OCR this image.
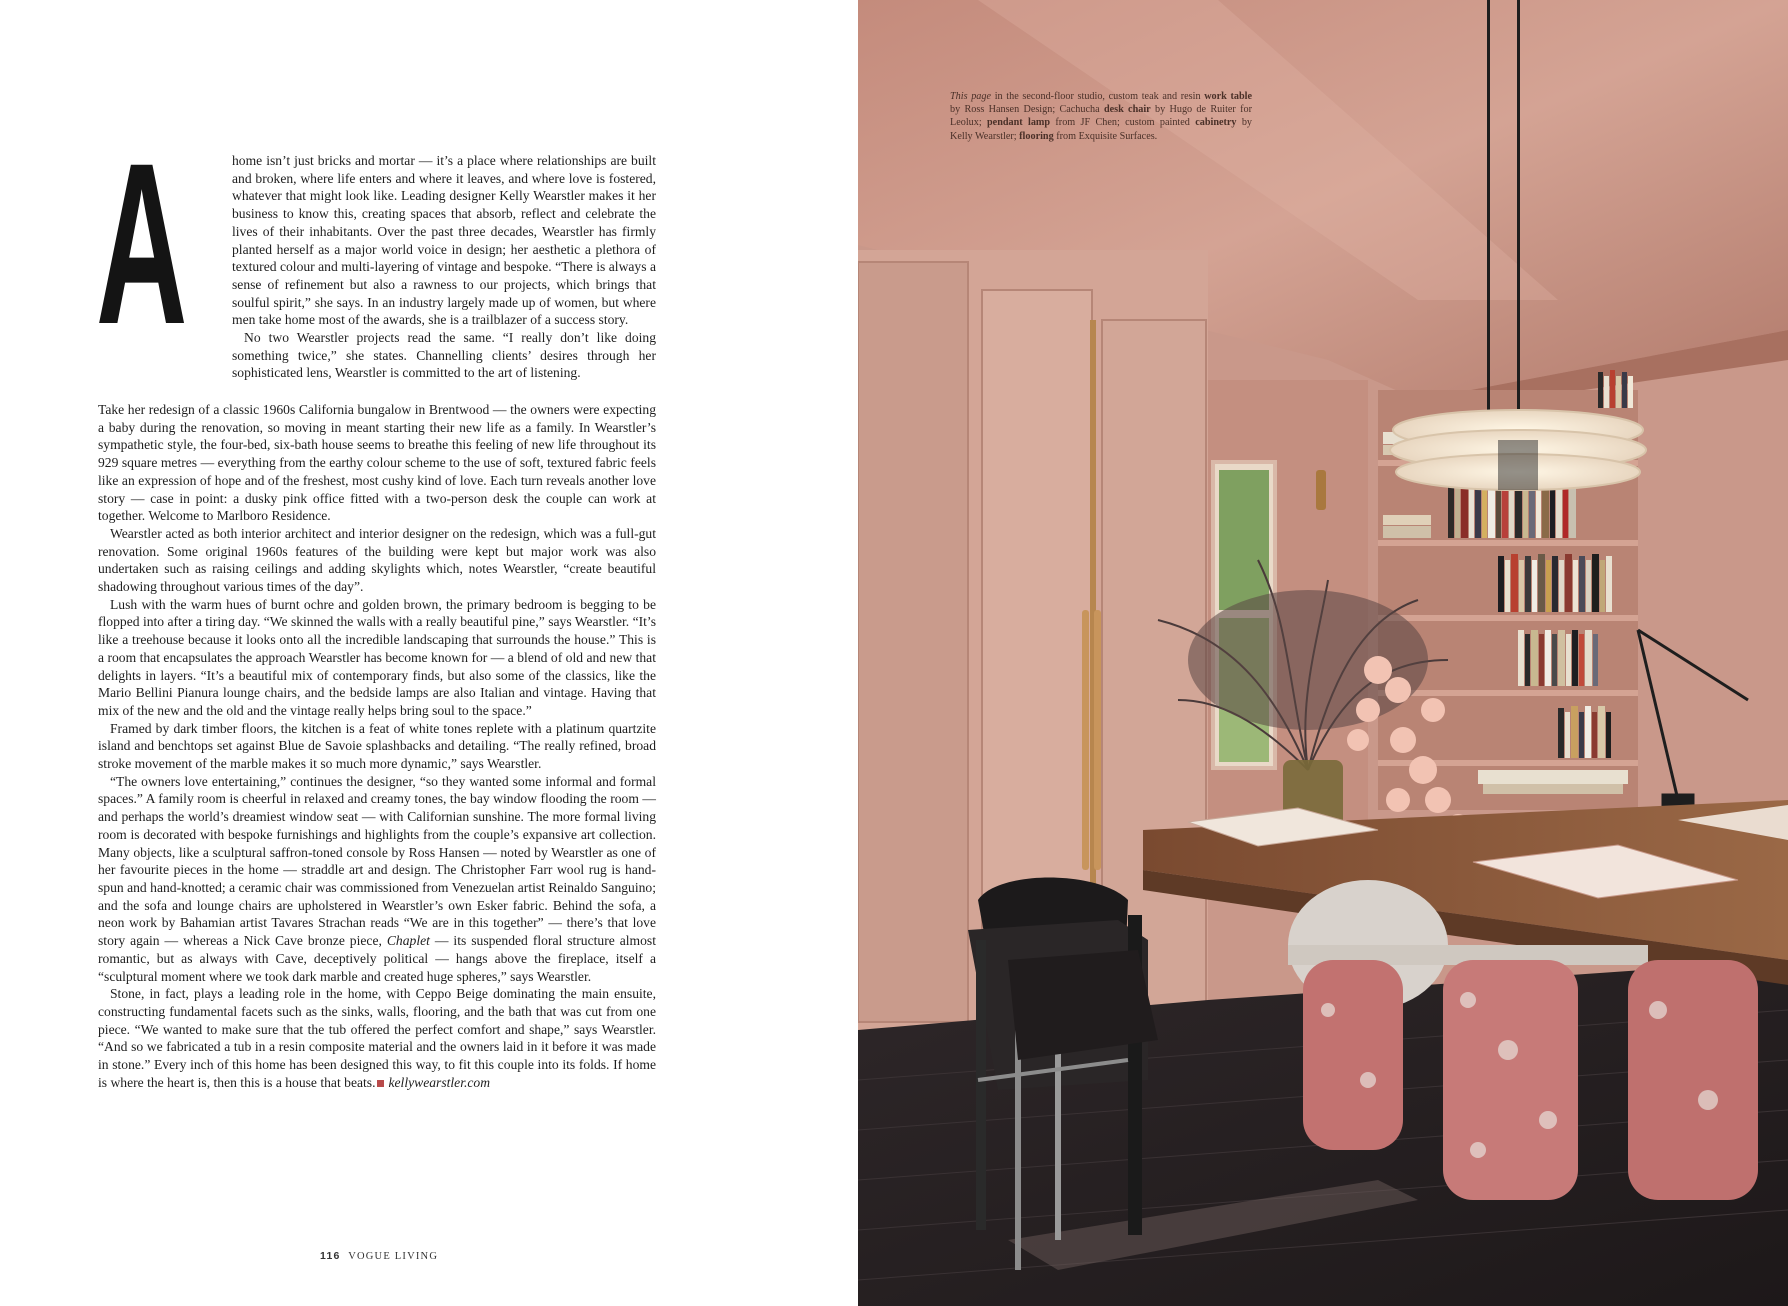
A	home isn’t just bricks and mortar — it’s a place where relationships are built and broken, where life enters and where it leaves, and where love is fostered, whatever that might look like. Leading designer Kelly Wearstler makes it her business to know this, creating spaces that absorb, reflect and celebrate the lives of their inhabitants. Over the past three decades, Wearstler has firmly planted herself as a major world voice in design; her aesthetic a plethora of textured colour and multi-layering of vintage and bespoke. “There is always a sense of refinement but also a rawness to our projects, which brings that soulful spirit,” she says. In an industry largely made up of women, but where men take home most of the awards, she is a trailblazer of a success story.

No two Wearstler projects read the same. “I really don’t like doing something twice,” she states. Channelling clients’ desires through her sophisticated lens, Wearstler is committed to the art of listening.

Take her redesign of a classic 1960s California bungalow in Brentwood — the owners were expecting a baby during the renovation, so moving in meant starting their new life as a family. In Wearstler’s sympathetic style, the four-bed, six-bath house seems to breathe this feeling of new life throughout its 929 square metres — everything from the earthy colour scheme to the use of soft, textured fabric feels like an expression of hope and of the freshest, most cushy kind of love. Each turn reveals another love story — case in point: a dusky pink office fitted with a two-person desk the couple can work at together. Welcome to Marlboro Residence.

Wearstler acted as both interior architect and interior designer on the redesign, which was a full-gut renovation. Some original 1960s features of the building were kept but major work was also undertaken such as raising ceilings and adding skylights which, notes Wearstler, “create beautiful shadowing throughout various times of the day”.

Lush with the warm hues of burnt ochre and golden brown, the primary bedroom is begging to be flopped into after a tiring day. “We skinned the walls with a really beautiful pine,” says Wearstler. “It’s like a treehouse because it looks onto all the incredible landscaping that surrounds the house.” This is a room that encapsulates the approach Wearstler has become known for — a blend of old and new that delights in layers. “It’s a beautiful mix of contemporary finds, but also some of the classics, like the Mario Bellini Pianura lounge chairs, and the bedside lamps are also Italian and vintage. Having that mix of the new and the old and the vintage really helps bring soul to the space.”

Framed by dark timber floors, the kitchen is a feat of white tones replete with a platinum quartzite island and benchtops set against Blue de Savoie splashbacks and detailing. “The really refined, broad stroke movement of the marble makes it so much more dynamic,” says Wearstler.

“The owners love entertaining,” continues the designer, “so they wanted some informal and formal spaces.” A family room is cheerful in relaxed and creamy tones, the bay window flooding the room — and perhaps the world’s dreamiest window seat — with Californian sunshine. The more formal living room is decorated with bespoke furnishings and highlights from the couple’s expansive art collection. Many objects, like a sculptural saffron-toned console by Ross Hansen — noted by Wearstler as one of her favourite pieces in the home — straddle art and design. The Christopher Farr wool rug is hand-spun and hand-knotted; a ceramic chair was commissioned from Venezuelan artist Reinaldo Sanguino; and the sofa and lounge chairs are upholstered in Wearstler’s own Esker fabric. Behind the sofa, a neon work by Bahamian artist Tavares Strachan reads “We are in this together” — there’s that love story again — whereas a Nick Cave bronze piece, Chaplet — its suspended floral structure almost romantic, but as always with Cave, deceptively political — hangs above the fireplace, itself a “sculptural moment where we took dark marble and created huge spheres,” says Wearstler.

Stone, in fact, plays a leading role in the home, with Ceppo Beige dominating the main ensuite, constructing fundamental facets such as the sinks, walls, flooring, and the bath that was cut from one piece. “We wanted to make sure that the tub offered the perfect comfort and shape,” says Wearstler. “And so we fabricated a tub in a resin composite material and the owners laid in it before it was made in stone.” Every inch of this home has been designed this way, to fit this couple into its folds. If home is where the heart is, then this is a house that beats. kellywearstler.com

116 VOGUE LIVING
This page in the second-floor studio, custom teak and resin work table by Ross Hansen Design; Cachucha desk chair by Hugo de Ruiter for Leolux; pendant lamp from JF Chen; custom painted cabinetry by Kelly Wearstler; flooring from Exquisite Surfaces.
